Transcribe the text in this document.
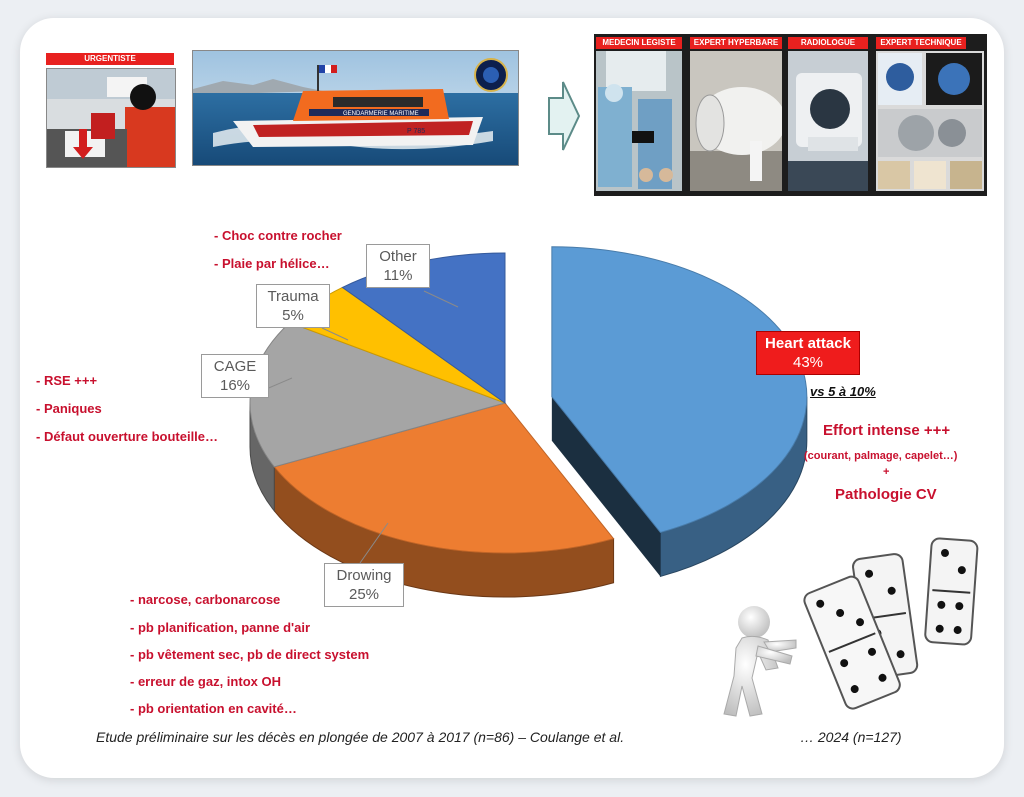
URGENTISTE
GENDARMERIE MARITIME
P 785
MEDECIN LEGISTE	EXPERT HYPERBARE	RADIOLOGUE	EXPERT TECHNIQUE
Other
11%
Trauma
5%
CAGE
16%
Drowing
25%
Heart attack
43%
- Choc contre rocher
- Plaie par hélice…
- RSE +++
- Paniques
- Défaut ouverture bouteille…
- narcose, carbonarcose
- pb planification, panne d'air
- pb vêtement sec, pb de direct system
- erreur de gaz, intox OH
- pb orientation en cavité…
vs 5 à 10%
Effort intense +++
(courant, palmage, capelet…)
+
Pathologie CV
Etude préliminaire sur les décès en plongée de 2007 à 2017 (n=86) – Coulange et al.	… 2024 (n=127)
